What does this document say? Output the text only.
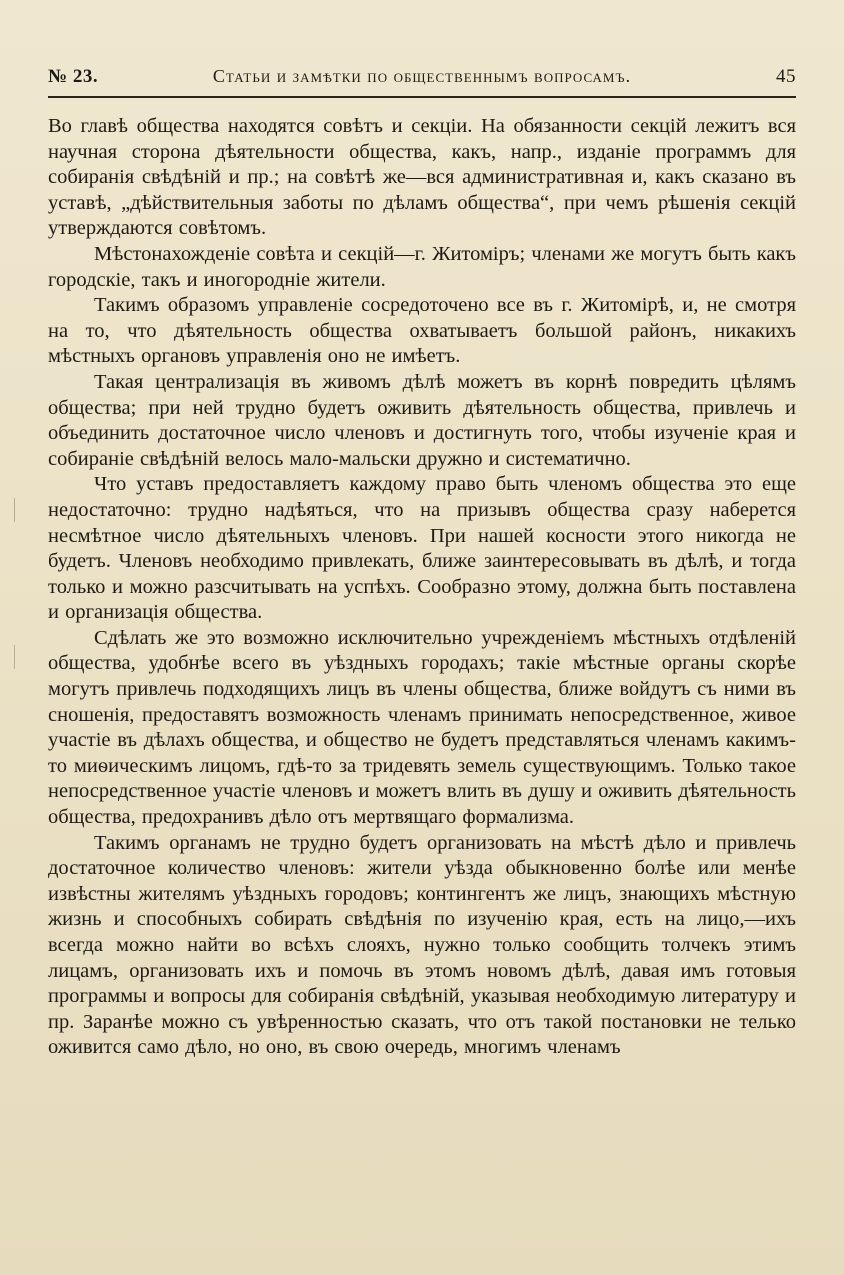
№ 23.	Статьи и замѣтки по общественнымъ вопросамъ.	45

Во главѣ общества находятся совѣтъ и секціи. На обязанности секцій лежитъ вся научная сторона дѣятельности общества, какъ, напр., изданіе программъ для собиранія свѣдѣній и пр.; на совѣтѣ же—вся административная и, какъ сказано въ уставѣ, „дѣйствительныя заботы по дѣламъ общества“, при чемъ рѣшенія секцій утверждаются совѣтомъ.

Мѣстонахожденіе совѣта и секцій—г. Житоміръ; членами же могутъ быть какъ городскіе, такъ и иногородніе жители.

Такимъ образомъ управленіе сосредоточено все въ г. Житомірѣ, и, не смотря на то, что дѣятельность общества охватываетъ большой районъ, никакихъ мѣстныхъ органовъ управленія оно не имѣетъ.

Такая централизація въ живомъ дѣлѣ можетъ въ корнѣ повредить цѣлямъ общества; при ней трудно будетъ оживить дѣятельность общества, привлечь и объединить достаточное число членовъ и достигнуть того, чтобы изученіе края и собираніе свѣдѣній велось мало-мальски дружно и систематично.

Что уставъ предоставляетъ каждому право быть членомъ общества это еще недостаточно: трудно надѣяться, что на призывъ общества сразу наберется несмѣтное число дѣятельныхъ членовъ. При нашей косности этого никогда не будетъ. Членовъ необходимо привлекать, ближе заинтересовывать въ дѣлѣ, и тогда только и можно разсчитывать на успѣхъ. Сообразно этому, должна быть поставлена и организація общества.

Сдѣлать же это возможно исключительно учрежденіемъ мѣстныхъ отдѣленій общества, удобнѣе всего въ уѣздныхъ городахъ; такіе мѣстные органы скорѣе могутъ привлечь подходящихъ лицъ въ члены общества, ближе войдутъ съ ними въ сношенія, предоставятъ возможность членамъ принимать непосредственное, живое участіе въ дѣлахъ общества, и общество не будетъ представляться членамъ какимъ-то миѳическимъ лицомъ, гдѣ-то за тридевять земель существующимъ. Только такое непосредственное участіе членовъ и можетъ влить въ душу и оживить дѣятельность общества, предохранивъ дѣло отъ мертвящаго формализма.

Такимъ органамъ не трудно будетъ организовать на мѣстѣ дѣло и привлечь достаточное количество членовъ: жители уѣзда обыкновенно болѣе или менѣе извѣстны жителямъ уѣздныхъ городовъ; контингентъ же лицъ, знающихъ мѣстную жизнь и способныхъ собирать свѣдѣнія по изученію края, есть на лицо,—ихъ всегда можно найти во всѣхъ слояхъ, нужно только сообщить толчекъ этимъ лицамъ, организовать ихъ и помочь въ этомъ новомъ дѣлѣ, давая имъ готовыя программы и вопросы для собиранія свѣдѣній, указывая необходимую литературу и пр. Заранѣе можно съ увѣренностью сказать, что отъ такой постановки не телько оживится само дѣло, но оно, въ свою очередь, многимъ членамъ
